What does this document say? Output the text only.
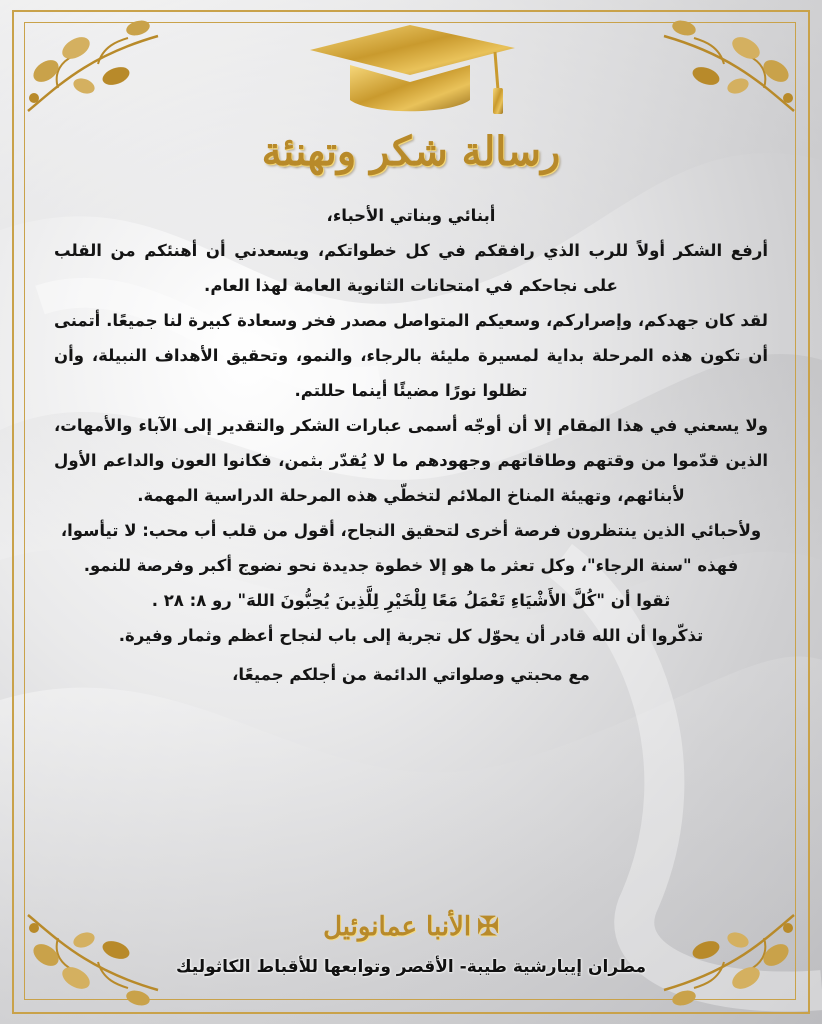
رسالة شكر وتهنئة

أبنائي وبناتي الأحباء،

أرفع الشكر أولاً للرب الذي رافقكم في كل خطواتكم، ويسعدني أن أهنئكم من القلب على نجاحكم في امتحانات الثانوية العامة لهذا العام.

لقد كان جهدكم، وإصراركم، وسعيكم المتواصل مصدر فخر وسعادة كبيرة لنا جميعًا. أتمنى أن تكون هذه المرحلة بداية لمسيرة مليئة بالرجاء، والنمو، وتحقيق الأهداف النبيلة، وأن تظلوا نورًا مضيئًا أينما حللتم.

ولا يسعني في هذا المقام إلا أن أوجّه أسمى عبارات الشكر والتقدير إلى الآباء والأمهات، الذين قدّموا من وقتهم وطاقاتهم وجهودهم ما لا يُقدّر بثمن، فكانوا العون والداعم الأول لأبنائهم، وتهيئة المناخ الملائم لتخطّي هذه المرحلة الدراسية المهمة.

ولأحبائي الذين ينتظرون فرصة أخرى لتحقيق النجاح، أقول من قلب أب محب: لا تيأسوا، فهذه "سنة الرجاء"، وكل تعثر ما هو إلا خطوة جديدة نحو نضوج أكبر وفرصة للنمو.

ثقوا أن "كُلَّ الأَشْيَاءِ تَعْمَلُ مَعًا لِلْخَيْرِ لِلَّذِينَ يُحِبُّونَ اللهَ" رو ٨: ٢٨ .

تذكّروا أن الله قادر أن يحوّل كل تجربة إلى باب لنجاح أعظم وثمار وفيرة.

مع محبتي وصلواتي الدائمة من أجلكم جميعًا،

✠الأنبا عمانوئيل
مطران إيبارشية طيبة- الأقصر وتوابعها للأقباط الكاثوليك
